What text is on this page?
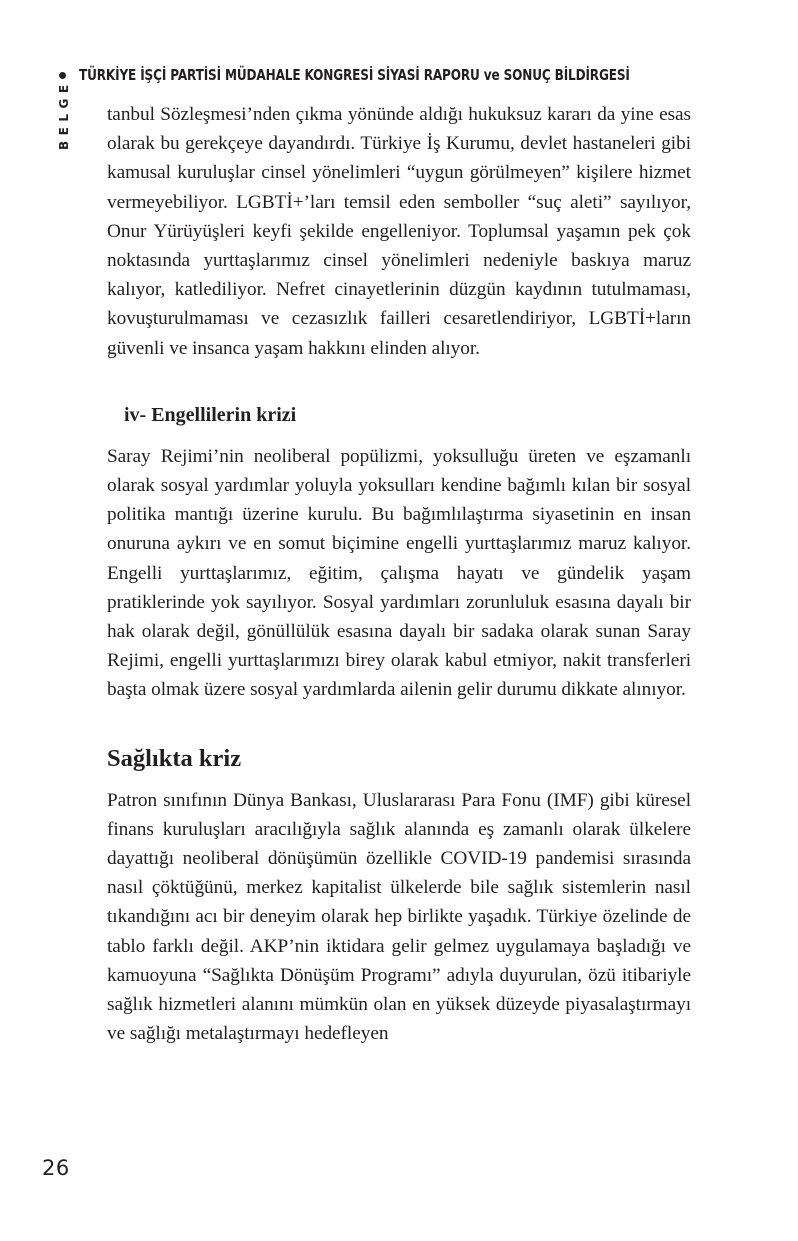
TÜRKİYE İŞÇİ PARTİSİ MÜDAHALE KONGRESİ SİYASİ RAPORU ve SONUÇ BİLDİRGESİ
BELGE tanbul Sözleşmesi’nden çıkma yönünde aldığı hukuksuz kararı da yine esas olarak bu gerekçeye dayandırdı. Türkiye İş Kurumu, devlet hastaneleri gibi kamusal kuruluşlar cinsel yönelimleri “uygun görülmeyen” kişilere hizmet vermeyebiliyor. LGBTİ+’ları temsil eden semboller “suç aleti” sayılıyor, Onur Yürüyüşleri keyfi şekilde engelleniyor. Toplumsal yaşamın pek çok noktasında yurttaşlarımız cinsel yönelimleri nedeniyle baskıya maruz kalıyor, katlediliyor. Nefret cinayetlerinin düzgün kaydının tutulmaması, kovuşturulmaması ve cezasızlık failleri cesaretlendiriyor, LGBTİ+ların güvenli ve insanca yaşam hakkını elinden alıyor.

iv- Engellilerin krizi

Saray Rejimi’nin neoliberal popülizmi, yoksulluğu üreten ve eşzamanlı olarak sosyal yardımlar yoluyla yoksulları kendine bağımlı kılan bir sosyal politika mantığı üzerine kurulu. Bu bağımlılaştırma siyasetinin en insan onuruna aykırı ve en somut biçimine engelli yurttaşlarımız maruz kalıyor. Engelli yurttaşlarımız, eğitim, çalışma hayatı ve gündelik yaşam pratiklerinde yok sayılıyor. Sosyal yardımları zorunluluk esasına dayalı bir hak olarak değil, gönüllülük esasına dayalı bir sadaka olarak sunan Saray Rejimi, engelli yurttaşlarımızı birey olarak kabul etmiyor, nakit transferleri başta olmak üzere sosyal yardımlarda ailenin gelir durumu dikkate alınıyor.

Sağlıkta kriz

Patron sınıfının Dünya Bankası, Uluslararası Para Fonu (IMF) gibi küresel finans kuruluşları aracılığıyla sağlık alanında eş zamanlı olarak ülkelere dayattığı neoliberal dönüşümün özellikle COVID-19 pandemisi sırasında nasıl çöktüğünü, merkez kapitalist ülkelerde bile sağlık sistemlerin nasıl tıkandığını acı bir deneyim olarak hep birlikte yaşadık. Türkiye özelinde de tablo farklı değil. AKP’nin iktidara gelir gelmez uygulamaya başladığı ve kamuoyuna “Sağlıkta Dönüşüm Programı” adıyla duyurulan, özü itibariyle sağlık hizmetleri alanını mümkün olan en yüksek düzeyde piyasalaştırmayı ve sağlığı metalaştırmayı hedefleyen

26
